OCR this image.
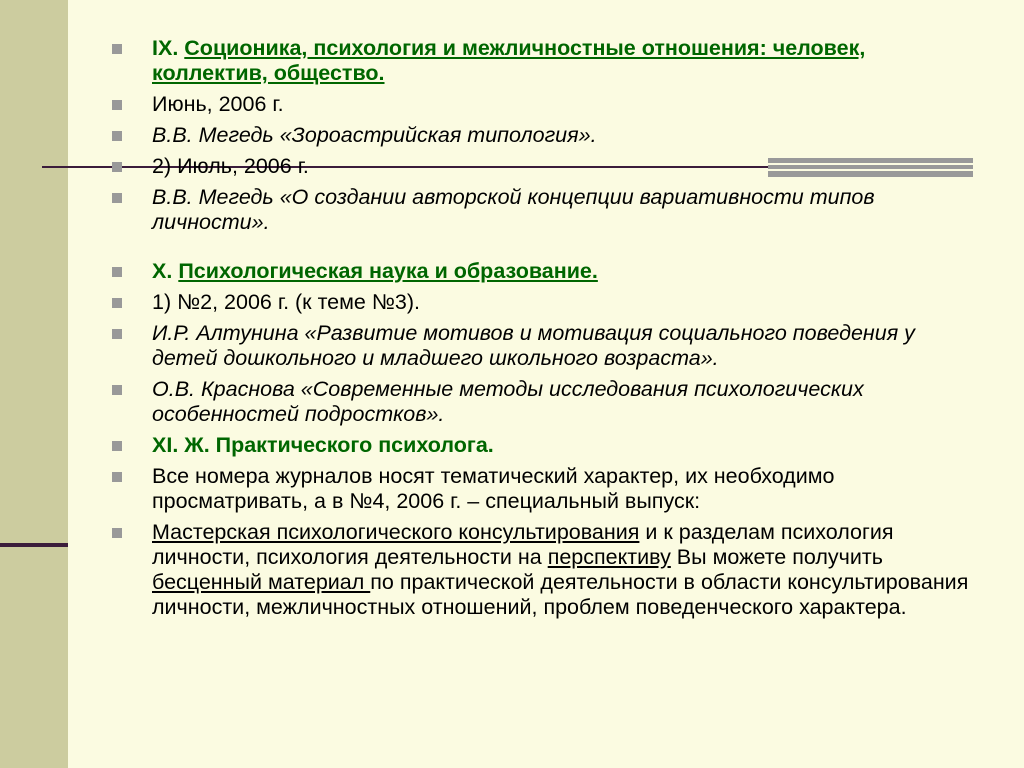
IX. Соционика, психология и межличностные отношения: человек, коллектив, общество.
Июнь, 2006 г.
В.В. Мегедь «Зороастрийская типология».
2) Июль, 2006 г.
В.В. Мегедь «О создании авторской концепции вариативности типов личности».
X. Психологическая наука и образование.
1) №2, 2006 г. (к теме №3).
И.Р. Алтунина «Развитие мотивов и мотивация социального поведения у детей дошкольного и младшего школьного возраста».
О.В. Краснова «Современные методы исследования психологических особенностей подростков».
XI. Ж. Практического психолога.
Все номера журналов носят тематический характер, их необходимо просматривать, а в №4, 2006 г. – специальный выпуск:
Мастерская психологического консультирования и к разделам психология личности, психология деятельности на перспективу Вы можете получить бесценный материал по практической деятельности в области консультирования личности, межличностных отношений, проблем поведенческого характера.
